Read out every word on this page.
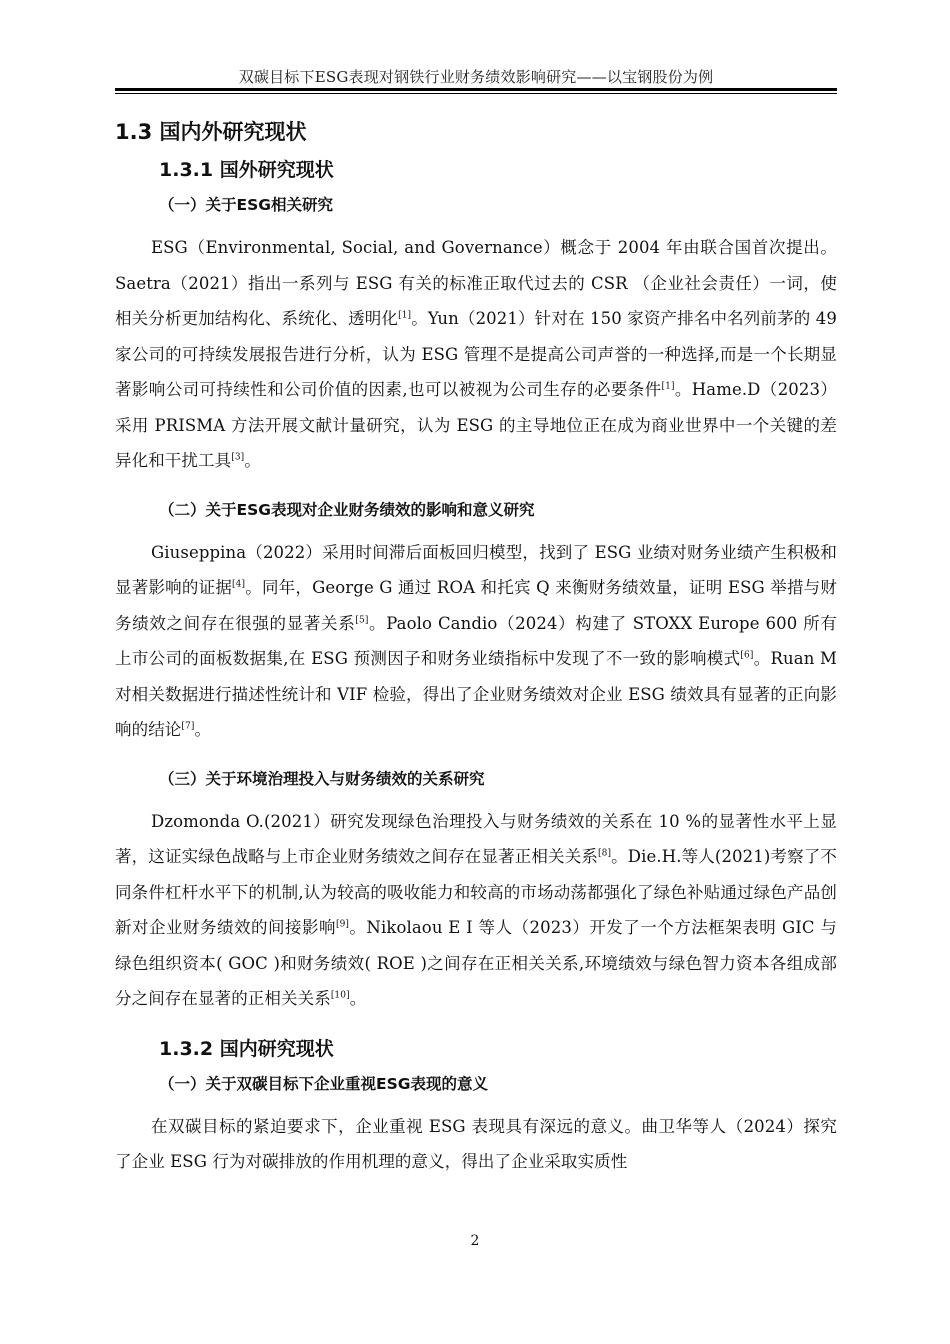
双碳目标下ESG表现对钢铁行业财务绩效影响研究——以宝钢股份为例
1.3 国内外研究现状
1.3.1 国外研究现状
（一）关于ESG相关研究

ESG（Environmental, Social, and Governance）概念于 2004 年由联合国首次提出。Saetra（2021）指出一系列与 ESG 有关的标准正取代过去的 CSR （企业社会责任）一词，使相关分析更加结构化、系统化、透明化[1]。Yun（2021）针对在 150 家资产排名中名列前茅的 49 家公司的可持续发展报告进行分析，认为 ESG 管理不是提高公司声誉的一种选择,而是一个长期显著影响公司可持续性和公司价值的因素,也可以被视为公司生存的必要条件[1]。Hame.D（2023）采用 PRISMA 方法开展文献计量研究，认为 ESG 的主导地位正在成为商业世界中一个关键的差异化和干扰工具[3]。

（二）关于ESG表现对企业财务绩效的影响和意义研究

Giuseppina（2022）采用时间滞后面板回归模型，找到了 ESG 业绩对财务业绩产生积极和显著影响的证据[4]。同年，George G 通过 ROA 和托宾 Q 来衡财务绩效量，证明 ESG 举措与财务绩效之间存在很强的显著关系[5]。Paolo Candio（2024）构建了 STOXX Europe 600 所有上市公司的面板数据集,在 ESG 预测因子和财务业绩指标中发现了不一致的影响模式[6]。Ruan M 对相关数据进行描述性统计和 VIF 检验，得出了企业财务绩效对企业 ESG 绩效具有显著的正向影响的结论[7]。

（三）关于环境治理投入与财务绩效的关系研究

Dzomonda O.(2021）研究发现绿色治理投入与财务绩效的关系在 10 %的显著性水平上显著，这证实绿色战略与上市企业财务绩效之间存在显著正相关关系[8]。Die.H.等人(2021)考察了不同条件杠杆水平下的机制,认为较高的吸收能力和较高的市场动荡都强化了绿色补贴通过绿色产品创新对企业财务绩效的间接影响[9]。Nikolaou E I 等人（2023）开发了一个方法框架表明 GIC 与绿色组织资本( GOC )和财务绩效( ROE )之间存在正相关关系,环境绩效与绿色智力资本各组成部分之间存在显著的正相关关系[10]。

1.3.2 国内研究现状
（一）关于双碳目标下企业重视ESG表现的意义

在双碳目标的紧迫要求下，企业重视 ESG 表现具有深远的意义。曲卫华等人（2024）探究了企业 ESG 行为对碳排放的作用机理的意义，得出了企业采取实质性

2
